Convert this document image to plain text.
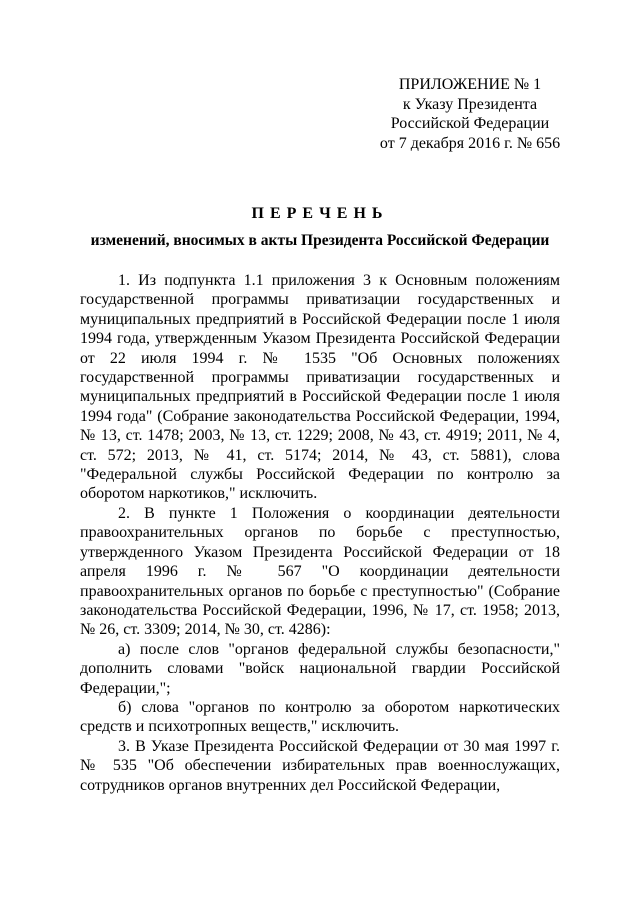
ПРИЛОЖЕНИЕ № 1
к Указу Президента
Российской Федерации
от 7 декабря 2016 г. № 656
ПЕРЕЧЕНЬ
изменений, вносимых в акты Президента Российской Федерации

1. Из подпункта 1.1 приложения 3 к Основным положениям государственной программы приватизации государственных и муниципальных предприятий в Российской Федерации после 1 июля 1994 года, утвержденным Указом Президента Российской Федерации от 22 июля 1994 г. № 1535 "Об Основных положениях государственной программы приватизации государственных и муниципальных предприятий в Российской Федерации после 1 июля 1994 года" (Собрание законодательства Российской Федерации, 1994, № 13, ст. 1478; 2003, № 13, ст. 1229; 2008, № 43, ст. 4919; 2011, № 4, ст. 572; 2013, № 41, ст. 5174; 2014, № 43, ст. 5881), слова "Федеральной службы Российской Федерации по контролю за оборотом наркотиков," исключить.

2. В пункте 1 Положения о координации деятельности правоохранительных органов по борьбе с преступностью, утвержденного Указом Президента Российской Федерации от 18 апреля 1996 г. № 567 "О координации деятельности правоохранительных органов по борьбе с преступностью" (Собрание законодательства Российской Федерации, 1996, № 17, ст. 1958; 2013, № 26, ст. 3309; 2014, № 30, ст. 4286):

а) после слов "органов федеральной службы безопасности," дополнить словами "войск национальной гвардии Российской Федерации,";

б) слова "органов по контролю за оборотом наркотических средств и психотропных веществ," исключить.

3. В Указе Президента Российской Федерации от 30 мая 1997 г. № 535 "Об обеспечении избирательных прав военнослужащих, сотрудников органов внутренних дел Российской Федерации,
